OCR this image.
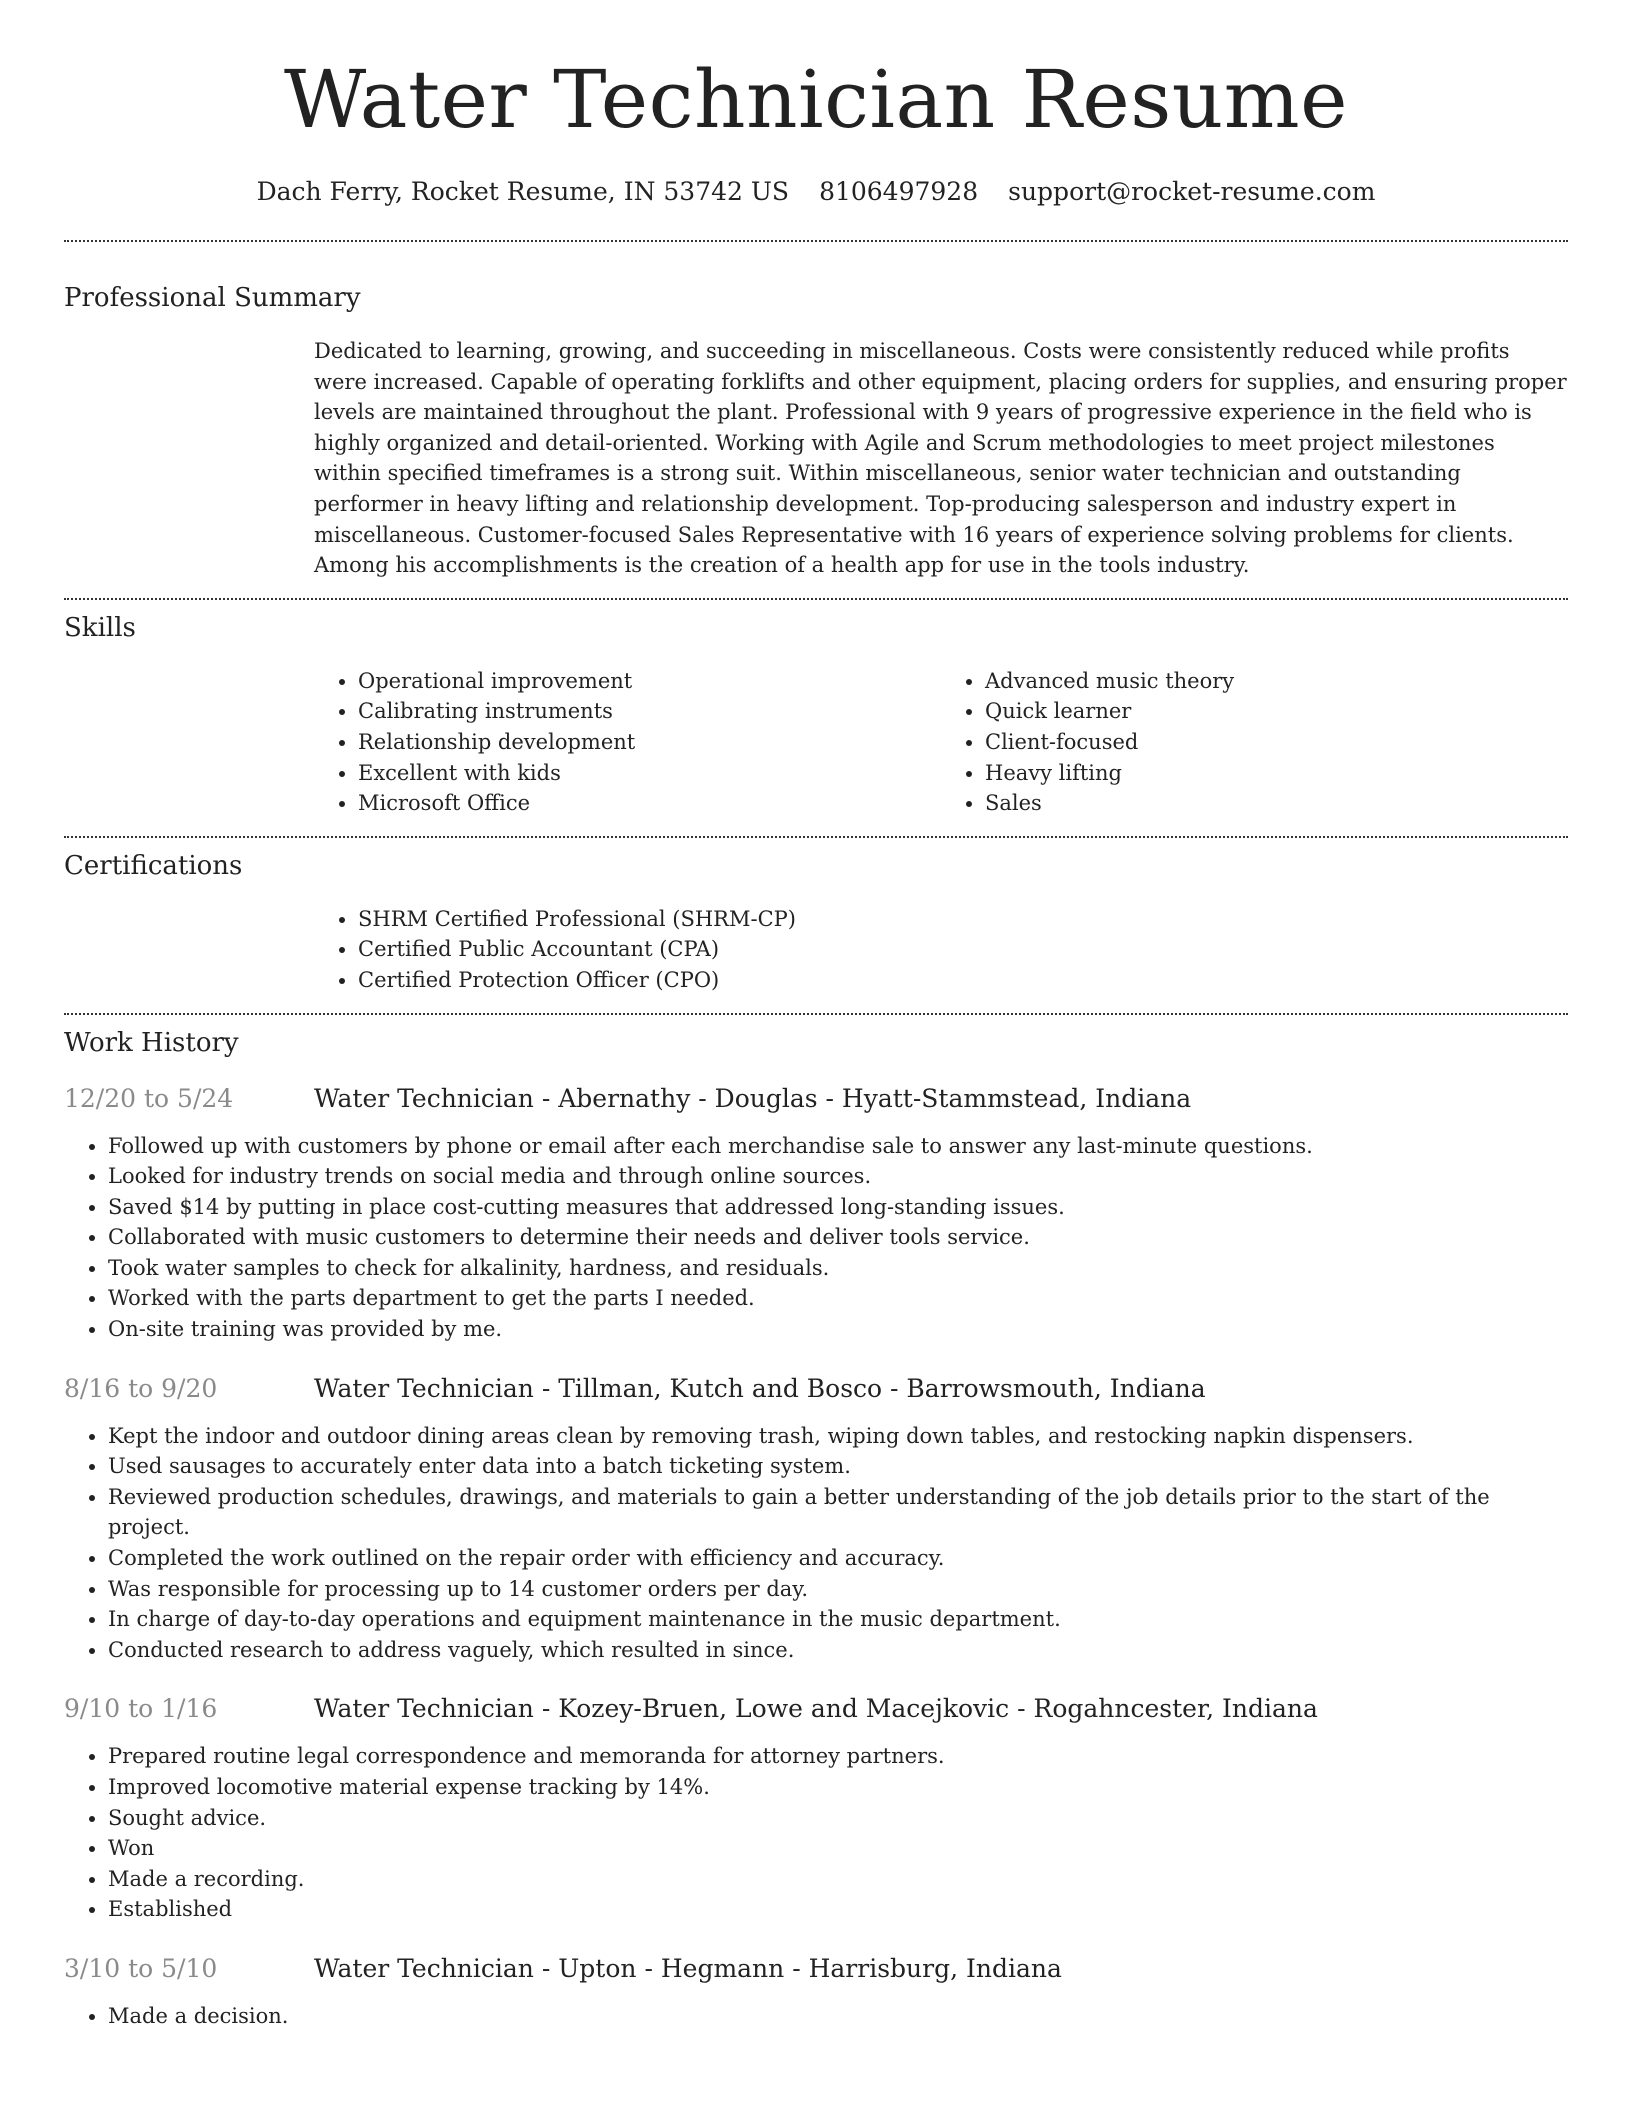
Water Technician Resume
Dach Ferry, Rocket Resume, IN 53742 US 8106497928 support@rocket-resume.com
Professional Summary

Dedicated to learning, growing, and succeeding in miscellaneous. Costs were consistently reduced while profits were increased. Capable of operating forklifts and other equipment, placing orders for supplies, and ensuring proper levels are maintained throughout the plant. Professional with 9 years of progressive experience in the field who is highly organized and detail-oriented. Working with Agile and Scrum methodologies to meet project milestones within specified timeframes is a strong suit. Within miscellaneous, senior water technician and outstanding performer in heavy lifting and relationship development. Top-producing salesperson and industry expert in miscellaneous. Customer-focused Sales Representative with 16 years of experience solving problems for clients. Among his accomplishments is the creation of a health app for use in the tools industry.

Skills
• Operational improvement
• Calibrating instruments
• Relationship development
• Excellent with kids
• Microsoft Office
• Advanced music theory
• Quick learner
• Client-focused
• Heavy lifting
• Sales
Certifications
• SHRM Certified Professional (SHRM-CP)
• Certified Public Accountant (CPA)
• Certified Protection Officer (CPO)
Work History
12/20 to 5/24	Water Technician - Abernathy - Douglas - Hyatt-Stammstead, Indiana
• Followed up with customers by phone or email after each merchandise sale to answer any last-minute questions.
• Looked for industry trends on social media and through online sources.
• Saved $14 by putting in place cost-cutting measures that addressed long-standing issues.
• Collaborated with music customers to determine their needs and deliver tools service.
• Took water samples to check for alkalinity, hardness, and residuals.
• Worked with the parts department to get the parts I needed.
• On-site training was provided by me.
8/16 to 9/20	Water Technician - Tillman, Kutch and Bosco - Barrowsmouth, Indiana
• Kept the indoor and outdoor dining areas clean by removing trash, wiping down tables, and restocking napkin dispensers.
• Used sausages to accurately enter data into a batch ticketing system.
• Reviewed production schedules, drawings, and materials to gain a better understanding of the job details prior to the start of the project.
• Completed the work outlined on the repair order with efficiency and accuracy.
• Was responsible for processing up to 14 customer orders per day.
• In charge of day-to-day operations and equipment maintenance in the music department.
• Conducted research to address vaguely, which resulted in since.
9/10 to 1/16	Water Technician - Kozey-Bruen, Lowe and Macejkovic - Rogahncester, Indiana
• Prepared routine legal correspondence and memoranda for attorney partners.
• Improved locomotive material expense tracking by 14%.
• Sought advice.
• Won
• Made a recording.
• Established
3/10 to 5/10	Water Technician - Upton - Hegmann - Harrisburg, Indiana
• Made a decision.
